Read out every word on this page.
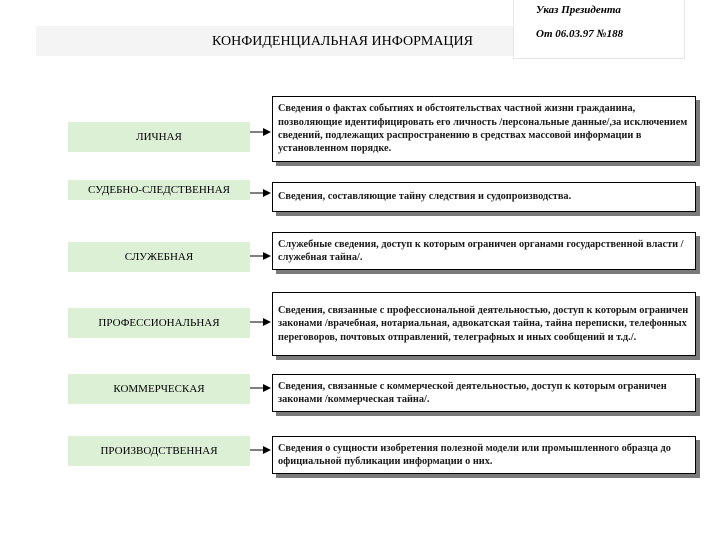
КОНФИДЕНЦИАЛЬНАЯ ИНФОРМАЦИЯ
Указ Президента
От 06.03.97 №188
ЛИЧНАЯ
СУДЕБНО-СЛЕДСТВЕННАЯ
СЛУЖЕБНАЯ
ПРОФЕССИОНАЛЬНАЯ
КОММЕРЧЕСКАЯ
ПРОИЗВОДСТВЕННАЯ
Сведения о фактах событиях и обстоятельствах частной жизни гражданина, позволяющие идентифицировать его личность /персональные данные/,за исключением сведений, подлежащих распространению в средствах массовой информации в установленном порядке.
Сведения, составляющие тайну следствия и судопроизводства.
Служебные сведения, доступ к которым ограничен органами государственной власти /служебная тайна/.
Сведения, связанные с профессиональной деятельностью, доступ к которым ограничен законами /врачебная, нотариальная, адвокатская тайна, тайна переписки, телефонных переговоров, почтовых отправлений, телеграфных и иных сообщений и т.д./.
Сведения, связанные с коммерческой деятельностью, доступ к которым ограничен законами /коммерческая тайна/.
Сведения о сущности изобретения полезной модели или промышленного образца до официальной публикации информации о них.
